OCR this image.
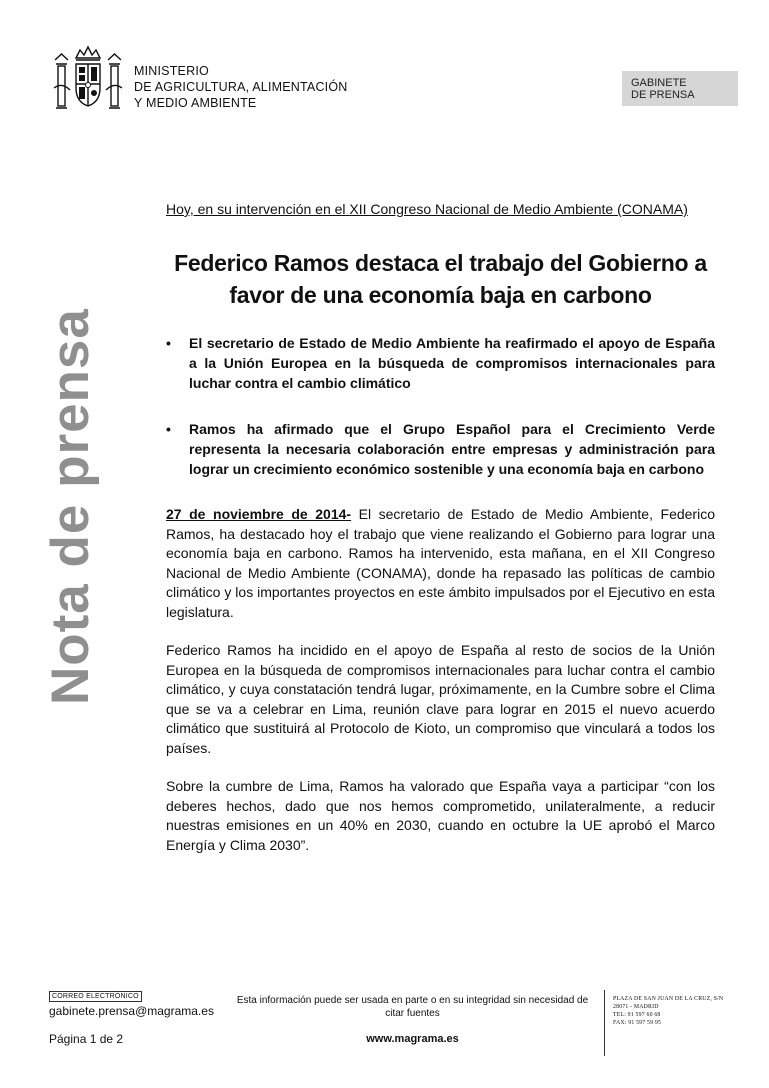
MINISTERIO
DE AGRICULTURA, ALIMENTACIÓN
Y MEDIO AMBIENTE
GABINETE
DE PRENSA
Nota de prensa
Hoy, en su intervención en el XII Congreso Nacional de Medio Ambiente (CONAMA)
Federico Ramos destaca el trabajo del Gobierno a favor de una economía baja en carbono
• El secretario de Estado de Medio Ambiente ha reafirmado el apoyo de España a la Unión Europea en la búsqueda de compromisos internacionales para luchar contra el cambio climático
• Ramos ha afirmado que el Grupo Español para el Crecimiento Verde representa la necesaria colaboración entre empresas y administración para lograr un crecimiento económico sostenible y una economía baja en carbono

27 de noviembre de 2014- El secretario de Estado de Medio Ambiente, Federico Ramos, ha destacado hoy el trabajo que viene realizando el Gobierno para lograr una economía baja en carbono. Ramos ha intervenido, esta mañana, en el XII Congreso Nacional de Medio Ambiente (CONAMA), donde ha repasado las políticas de cambio climático y los importantes proyectos en este ámbito impulsados por el Ejecutivo en esta legislatura.

Federico Ramos ha incidido en el apoyo de España al resto de socios de la Unión Europea en la búsqueda de compromisos internacionales para luchar contra el cambio climático, y cuya constatación tendrá lugar, próximamente, en la Cumbre sobre el Clima que se va a celebrar en Lima, reunión clave para lograr en 2015 el nuevo acuerdo climático que sustituirá al Protocolo de Kioto, un compromiso que vinculará a todos los países.

Sobre la cumbre de Lima, Ramos ha valorado que España vaya a participar “con los deberes hechos, dado que nos hemos comprometido, unilateralmente, a reducir nuestras emisiones en un 40% en 2030, cuando en octubre la UE aprobó el Marco Energía y Clima 2030”.

CORREO ELECTRÓNICO
gabinete.prensa@magrama.es
Página 1 de 2
Esta información puede ser usada en parte o en su integridad sin necesidad de citar fuentes
www.magrama.es
PLAZA DE SAN JUAN DE LA CRUZ, S/N
28071 - MADRID
TEL: 91 597 60 68
FAX: 91 597 59 95
